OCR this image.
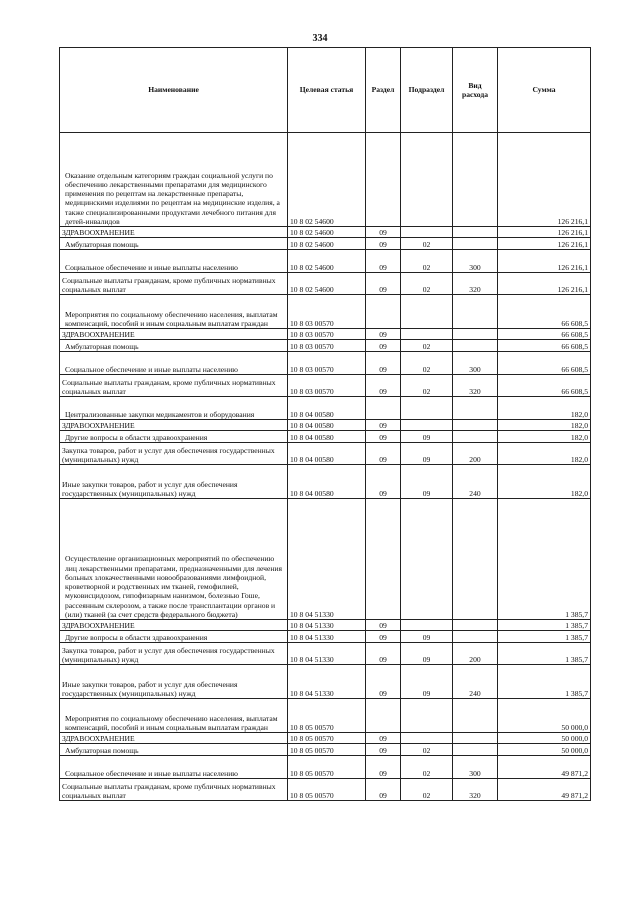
334
Наименование	Целевая статья	Раздел	Подраздел	Вид расхода	Сумма
Оказание отдельным категориям граждан социальной услуги по обеспечению лекарственными препаратами для медицинского применения по рецептам на лекарственные препараты, медицинскими изделиями по рецептам на медицинские изделия, а также специализированными продуктами лечебного питания для детей-инвалидов	10 8 02 54600				126 216,1
ЗДРАВООХРАНЕНИЕ	10 8 02 54600	09			126 216,1
Амбулаторная помощь	10 8 02 54600	09	02		126 216,1
Социальное обеспечение и иные выплаты населению	10 8 02 54600	09	02	300	126 216,1
Социальные выплаты гражданам, кроме публичных нормативных социальных выплат	10 8 02 54600	09	02	320	126 216,1
Мероприятия по социальному обеспечению населения, выплатам компенсаций, пособий и иным социальным выплатам граждан	10 8 03 00570				66 608,5
ЗДРАВООХРАНЕНИЕ	10 8 03 00570	09			66 608,5
Амбулаторная помощь	10 8 03 00570	09	02		66 608,5
Социальное обеспечение и иные выплаты населению	10 8 03 00570	09	02	300	66 608,5
Социальные выплаты гражданам, кроме публичных нормативных социальных выплат	10 8 03 00570	09	02	320	66 608,5
Централизованные закупки медикаментов и оборудования	10 8 04 00580				182,0
ЗДРАВООХРАНЕНИЕ	10 8 04 00580	09			182,0
Другие вопросы в области здравоохранения	10 8 04 00580	09	09		182,0
Закупка товаров, работ и услуг для обеспечения государственных (муниципальных) нужд	10 8 04 00580	09	09	200	182,0
Иные закупки товаров, работ и услуг для обеспечения государственных (муниципальных) нужд	10 8 04 00580	09	09	240	182,0
Осуществление организационных мероприятий по обеспечению лиц лекарственными препаратами, предназначенными для лечения больных злокачественными новообразованиями лимфоидной, кроветворной и родственных им тканей, гемофилией, муковисцидозом, гипофизарным нанизмом, болезнью Гоше, рассеянным склерозом, а также после трансплантации органов и (или) тканей (за счет средств федерального бюджета)	10 8 04 51330				1 385,7
ЗДРАВООХРАНЕНИЕ	10 8 04 51330	09			1 385,7
Другие вопросы в области здравоохранения	10 8 04 51330	09	09		1 385,7
Закупка товаров, работ и услуг для обеспечения государственных (муниципальных) нужд	10 8 04 51330	09	09	200	1 385,7
Иные закупки товаров, работ и услуг для обеспечения государственных (муниципальных) нужд	10 8 04 51330	09	09	240	1 385,7
Мероприятия по социальному обеспечению населения, выплатам компенсаций, пособий и иным социальным выплатам граждан	10 8 05 00570				50 000,0
ЗДРАВООХРАНЕНИЕ	10 8 05 00570	09			50 000,0
Амбулаторная помощь	10 8 05 00570	09	02		50 000,0
Социальное обеспечение и иные выплаты населению	10 8 05 00570	09	02	300	49 871,2
Социальные выплаты гражданам, кроме публичных нормативных социальных выплат	10 8 05 00570	09	02	320	49 871,2
